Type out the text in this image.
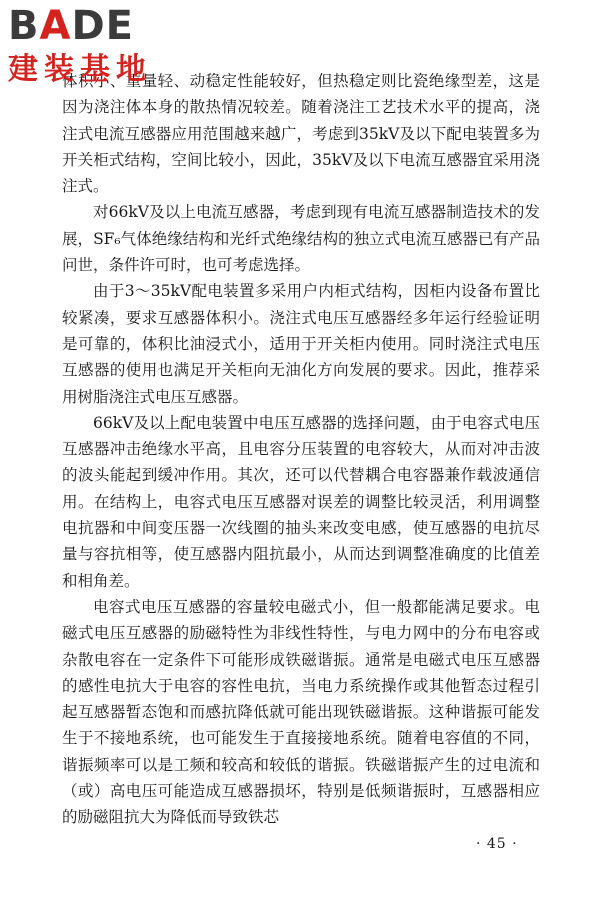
BADE
建装基地

体积小、重量轻、动稳定性能较好，但热稳定则比瓷绝缘型差，这是因为浇注体本身的散热情况较差。随着浇注工艺技术水平的提高，浇注式电流互感器应用范围越来越广，考虑到35kV及以下配电装置多为开关柜式结构，空间比较小，因此，35kV及以下电流互感器宜采用浇注式。

对66kV及以上电流互感器，考虑到现有电流互感器制造技术的发展，SF₆气体绝缘结构和光纤式绝缘结构的独立式电流互感器已有产品问世，条件许可时，也可考虑选择。

由于3～35kV配电装置多采用户内柜式结构，因柜内设备布置比较紧凑，要求互感器体积小。浇注式电压互感器经多年运行经验证明是可靠的，体积比油浸式小，适用于开关柜内使用。同时浇注式电压互感器的使用也满足开关柜向无油化方向发展的要求。因此，推荐采用树脂浇注式电压互感器。

66kV及以上配电装置中电压互感器的选择问题，由于电容式电压互感器冲击绝缘水平高，且电容分压装置的电容较大，从而对冲击波的波头能起到缓冲作用。其次，还可以代替耦合电容器兼作载波通信用。在结构上，电容式电压互感器对误差的调整比较灵活，利用调整电抗器和中间变压器一次线圈的抽头来改变电感，使互感器的电抗尽量与容抗相等，使互感器内阻抗最小，从而达到调整准确度的比值差和相角差。

电容式电压互感器的容量较电磁式小，但一般都能满足要求。电磁式电压互感器的励磁特性为非线性特性，与电力网中的分布电容或杂散电容在一定条件下可能形成铁磁谐振。通常是电磁式电压互感器的感性电抗大于电容的容性电抗，当电力系统操作或其他暂态过程引起互感器暂态饱和而感抗降低就可能出现铁磁谐振。这种谐振可能发生于不接地系统，也可能发生于直接接地系统。随着电容值的不同，谐振频率可以是工频和较高和较低的谐振。铁磁谐振产生的过电流和（或）高电压可能造成互感器损坏，特别是低频谐振时，互感器相应的励磁阻抗大为降低而导致铁芯

· 45 ·
